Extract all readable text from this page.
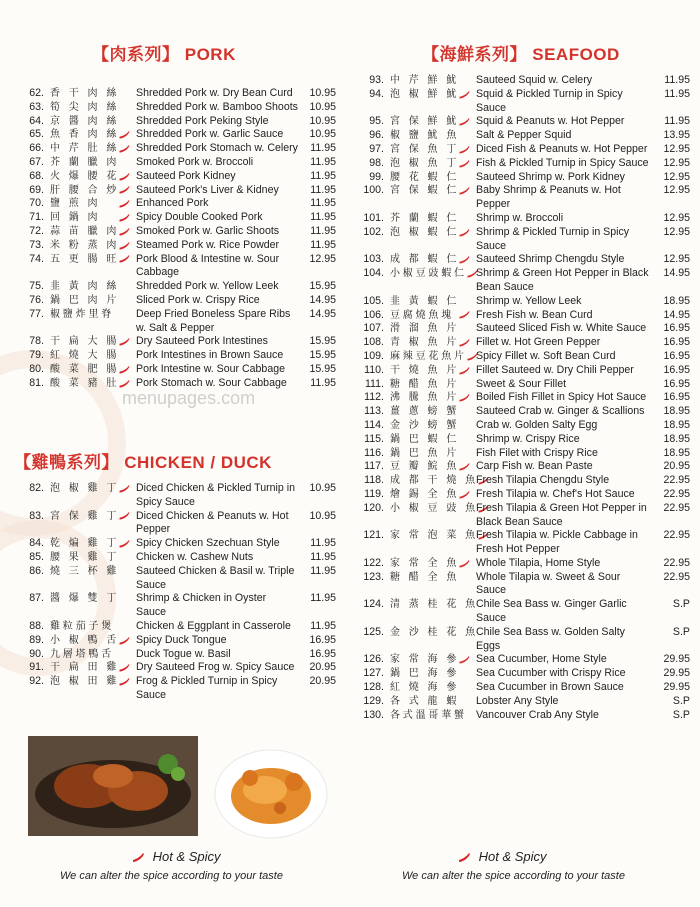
【肉系列】 PORK
62. 香 干 肉 絲	Shredded Pork w. Dry Bean Curd	10.95
63. 筍 尖 肉 絲	Shredded Pork w. Bamboo Shoots	10.95
64. 京 醬 肉 絲	Shredded Pork Peking Style	10.95
65. 魚 香 肉 絲	Shredded Pork w. Garlic Sauce	10.95
66. 中 芹 肚 絲	Shredded Pork Stomach w. Celery	11.95
67. 芥 蘭 臘 肉	Smoked Pork w. Broccoli	11.95
68. 火 爆 腰 花	Sauteed Pork Kidney	11.95
69. 肝 腰 合 炒	Sauteed Pork's Liver & Kidney	11.95
70. 鹽 煎 肉	Enhanced Pork	11.95
71. 回 鍋 肉	Spicy Double Cooked Pork	11.95
72. 蒜 苗 臘 肉	Smoked Pork w. Garlic Shoots	11.95
73. 米 粉 蒸 肉	Steamed Pork w. Rice Powder	11.95
74. 五 更 腸 旺	Pork Blood & Intestine w. Sour Cabbage
12.95
75. 韭 黃 肉 絲	Shredded Pork w. Yellow Leek	15.95
76. 鍋 巴 肉 片	Sliced Pork w. Crispy Rice	14.95
77. 椒鹽炸里脊	Deep Fried Boneless Spare Ribs w. Salt & Pepper
14.95
78. 干 扁 大 腸	Dry Sauteed Pork Intestines	15.95
79. 紅 燒 大 腸	Pork Intestines in Brown Sauce	15.95
80. 酸 菜 肥 腸	Pork Intestine w. Sour Cabbage	15.95
81. 酸 菜 豬 肚	Pork Stomach w. Sour Cabbage	11.95
【雞鴨系列】 CHICKEN / DUCK
82. 泡 椒 雞 丁	Diced Chicken & Pickled Turnip in Spicy Sauce
10.95
83. 宮 保 雞 丁	Diced Chicken & Peanuts w. Hot Pepper
10.95
84. 乾 煸 雞 丁	Spicy Chicken Szechuan Style	11.95
85. 腰 果 雞 丁	Chicken w. Cashew Nuts	11.95
86. 燒 三 杯 雞	Sauteed Chicken & Basil w. Triple Sauce
11.95
87. 醬 爆 雙 丁	Shrimp & Chicken in Oyster Sauce
11.95
88. 雞粒茄子煲	Chicken & Eggplant in Casserole	11.95
89. 小 椒 鴨 舌	Spicy Duck Tongue	16.95
90. 九層塔鴨舌	Duck Togue w. Basil	16.95
91. 干 扁 田 雞	Dry Sauteed Frog w. Spicy Sauce	20.95
92. 泡 椒 田 雞	Frog & Pickled Turnip in Spicy Sauce
20.95
Hot & Spicy
We can alter the spice according to your taste
【海鮮系列】 SEAFOOD
93. 中 芹 鮮 魷	Sauteed Squid w. Celery	11.95
94. 泡 椒 鮮 魷	Squid & Pickled Turnip in Spicy Sauce
11.95
95. 宮 保 鮮 魷	Squid & Peanuts w. Hot Pepper	11.95
96. 椒 鹽 魷 魚	Salt & Pepper Squid	13.95
97. 宮 保 魚 丁	Diced Fish & Peanuts w. Hot Pepper	12.95
98. 泡 椒 魚 丁	Fish & Pickled Turnip in Spicy Sauce	12.95
99. 腰 花 蝦 仁	Sauteed Shrimp w. Pork Kidney	12.95
100. 宮 保 蝦 仁	Baby Shrimp & Peanuts w. Hot Pepper
12.95
101. 芥 蘭 蝦 仁	Shrimp w. Broccoli	12.95
102. 泡 椒 蝦 仁	Shrimp & Pickled Turnip in Spicy Sauce
12.95
103. 成 都 蝦 仁	Sauteed Shrimp Chengdu Style	12.95
104. 小椒豆豉蝦仁 Shrimp & Green Hot Pepper in Black Bean Sauce
14.95
105. 韭 黃 蝦 仁	Shrimp w. Yellow Leek	18.95
106. 豆腐燒魚塊	Fresh Fish w. Bean Curd	14.95
107. 滑 溜 魚 片	Sauteed Sliced Fish w. White Sauce	16.95
108. 青 椒 魚 片	Fillet w. Hot Green Pepper	16.95
109. 麻辣豆花魚片 Spicy Fillet w. Soft Bean Curd	16.95
110. 干 燒 魚 片	Fillet Sauteed w. Dry Chili Pepper	16.95
111. 糖 醋 魚 片	Sweet & Sour Fillet	16.95
112. 沸 騰 魚 片	Boiled Fish Fillet in Spicy Hot Sauce	16.95
113. 薑 蔥 螃 蟹	Sauteed Crab w. Ginger & Scallions	18.95
114. 金 沙 螃 蟹	Crab w. Golden Salty Egg	18.95
115. 鍋 巴 蝦 仁	Shrimp w. Crispy Rice	18.95
116. 鍋 巴 魚 片	Fish Filet with Crispy Rice	18.95
117. 豆 瓣 鯇 魚	Carp Fish w. Bean Paste	20.95
118. 成 都 干 燒 魚
Fresh Tilapia Chengdu Style	22.95
119. 燴 錫 全 魚	Fresh Tilapia w. Chef's Hot Sauce	22.95
120. 小 椒 豆 豉 魚
Fresh Tilapia & Green Hot Pepper in Black Bean Sauce
22.95
121. 家 常 泡 菜 魚
Fresh Tilapia w. Pickle Cabbage in Fresh Hot Pepper
22.95
122. 家 常 全 魚	Whole Tilapia, Home Style	22.95
123. 糖 醋 全 魚	Whole Tilapia w. Sweet & Sour Sauce
22.95
124. 清 蒸 桂 花 魚
Chile Sea Bass w. Ginger Garlic Sauce
S.P
125. 金 沙 桂 花 魚
Chile Sea Bass w. Golden Salty Eggs
S.P
126. 家 常 海 參	Sea Cucumber, Home Style	29.95
127. 鍋 巴 海 參	Sea Cucumber with Crispy Rice	29.95
128. 紅 燒 海 參	Sea Cucumber in Brown Sauce	29.95
129. 各 式 龍 蝦	Lobster Any Style	S.P
130. 各式溫哥華蟹 Vancouver Crab Any Style	S.P
Hot & Spicy
We can alter the spice according to your taste
menupages.com
